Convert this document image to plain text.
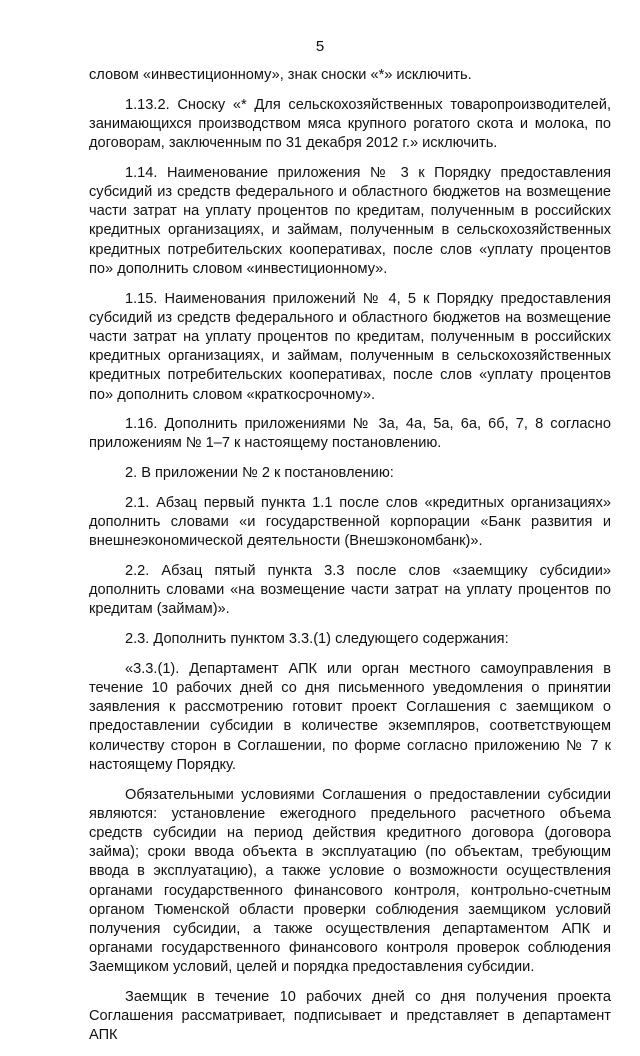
5

словом «инвестиционному», знак сноски «*» исключить.

1.13.2. Сноску «* Для сельскохозяйственных товаропроизводителей, занимающихся производством мяса крупного рогатого скота и молока, по договорам, заключенным по 31 декабря 2012 г.» исключить.

1.14. Наименование приложения № 3 к Порядку предоставления субсидий из средств федерального и областного бюджетов на возмещение части затрат на уплату процентов по кредитам, полученным в российских кредитных организациях, и займам, полученным в сельскохозяйственных кредитных потребительских кооперативах, после слов «уплату процентов по» дополнить словом «инвестиционному».

1.15. Наименования приложений № 4, 5 к Порядку предоставления субсидий из средств федерального и областного бюджетов на возмещение части затрат на уплату процентов по кредитам, полученным в российских кредитных организациях, и займам, полученным в сельскохозяйственных кредитных потребительских кооперативах, после слов «уплату процентов по» дополнить словом «краткосрочному».

1.16. Дополнить приложениями № 3а, 4а, 5а, 6а, 6б, 7, 8 согласно приложениям № 1–7 к настоящему постановлению.

2. В приложении № 2 к постановлению:

2.1. Абзац первый пункта 1.1 после слов «кредитных организациях» дополнить словами «и государственной корпорации «Банк развития и внешнеэкономической деятельности (Внешэкономбанк)».

2.2. Абзац пятый пункта 3.3 после слов «заемщику субсидии» дополнить словами «на возмещение части затрат на уплату процентов по кредитам (займам)».

2.3. Дополнить пунктом 3.3.(1) следующего содержания:

«3.3.(1). Департамент АПК или орган местного самоуправления в течение 10 рабочих дней со дня письменного уведомления о принятии заявления к рассмотрению готовит проект Соглашения с заемщиком о предоставлении субсидии в количестве экземпляров, соответствующем количеству сторон в Соглашении, по форме согласно приложению № 7 к настоящему Порядку.

Обязательными условиями Соглашения о предоставлении субсидии являются: установление ежегодного предельного расчетного объема средств субсидии на период действия кредитного договора (договора займа); сроки ввода объекта в эксплуатацию (по объектам, требующим ввода в эксплуатацию), а также условие о возможности осуществления органами государственного финансового контроля, контрольно-счетным органом Тюменской области проверки соблюдения заемщиком условий получения субсидии, а также осуществления департаментом АПК и органами государственного финансового контроля проверок соблюдения Заемщиком условий, целей и порядка предоставления субсидии.

Заемщик в течение 10 рабочих дней со дня получения проекта Соглашения рассматривает, подписывает и представляет в департамент АПК
